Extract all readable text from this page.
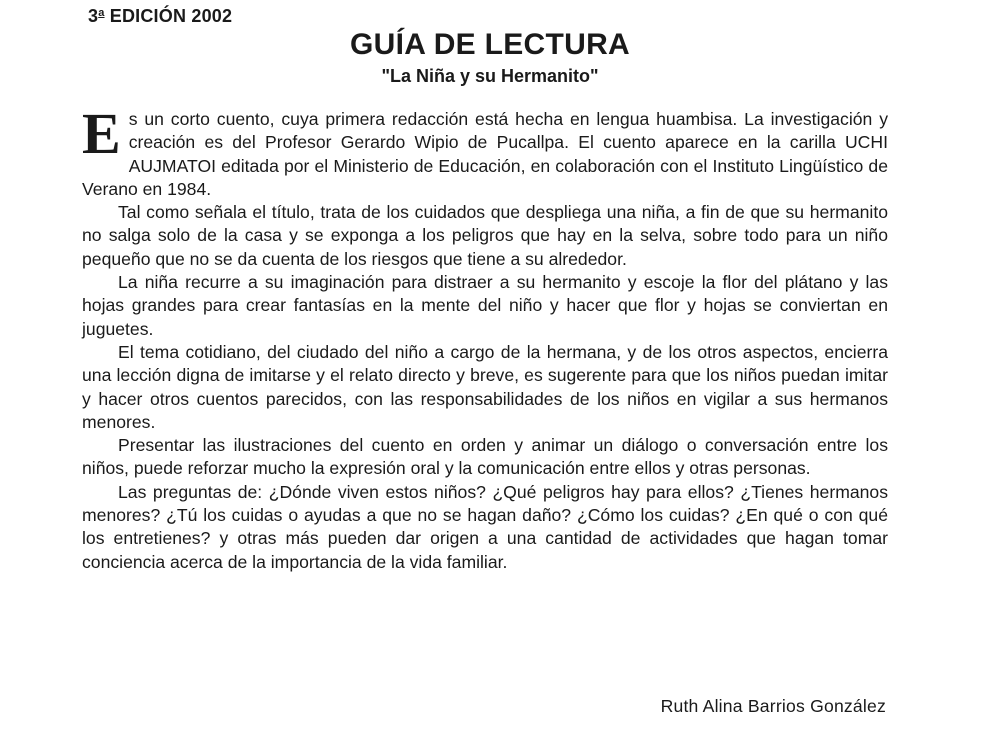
3$^a$ EDICIÓN 2002
GUÍA DE LECTURA
"La Niña y su Hermanito"

Es un corto cuento, cuya primera redacción está hecha en lengua huambisa. La investigación y creación es del Profesor Gerardo Wipio de Pucallpa. El cuento aparece en la carilla UCHI AUJMATOI editada por el Ministerio de Educación, en colaboración con el Instituto Lingüístico de Verano en 1984.

Tal como señala el título, trata de los cuidados que despliega una niña, a fin de que su hermanito no salga solo de la casa y se exponga a los peligros que hay en la selva, sobre todo para un niño pequeño que no se da cuenta de los riesgos que tiene a su alrededor.

La niña recurre a su imaginación para distraer a su hermanito y escoje la flor del plátano y las hojas grandes para crear fantasías en la mente del niño y hacer que flor y hojas se conviertan en juguetes.

El tema cotidiano, del ciudado del niño a cargo de la hermana, y de los otros aspectos, encierra una lección digna de imitarse y el relato directo y breve, es sugerente para que los niños puedan imitar y hacer otros cuentos parecidos, con las responsabilidades de los niños en vigilar a sus hermanos menores.

Presentar las ilustraciones del cuento en orden y animar un diálogo o conversación entre los niños, puede reforzar mucho la expresión oral y la comunicación entre ellos y otras personas.

Las preguntas de: ¿Dónde viven estos niños? ¿Qué peligros hay para ellos? ¿Tienes hermanos menores? ¿Tú los cuidas o ayudas a que no se hagan daño? ¿Cómo los cuidas? ¿En qué o con qué los entretienes? y otras más pueden dar origen a una cantidad de actividades que hagan tomar conciencia acerca de la importancia de la vida familiar.

Ruth Alina Barrios González
